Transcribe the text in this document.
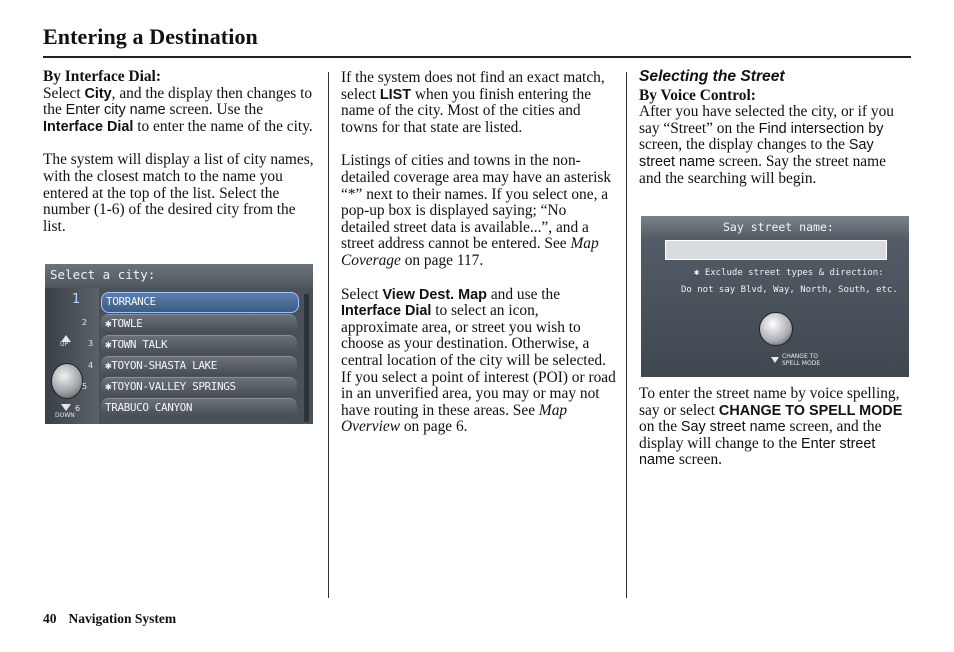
Entering a Destination

By Interface Dial:

Select City, and the display then changes to the Enter city name screen. Use the Interface Dial to enter the name of the city.

The system will display a list of city names, with the closest match to the name you entered at the top of the list. Select the number (1-6) of the desired city from the list.

Select a city:
UP
DOWN
1
2
3
4
5
6
TORRANCE
✱TOWLE
✱TOWN TALK
✱TOYON-SHASTA LAKE
✱TOYON-VALLEY SPRINGS
TRABUCO CANYON

If the system does not find an exact match, select LIST when you finish entering the name of the city. Most of the cities and towns for that state are listed.

Listings of cities and towns in the non-detailed coverage area may have an asterisk “*” next to their names. If you select one, a pop-up box is displayed saying; “No detailed street data is available...”, and a street address cannot be entered. See Map Coverage on page 117.

Select View Dest. Map and use the Interface Dial to select an icon, approximate area, or street you wish to choose as your destination. Otherwise, a central location of the city will be selected. If you select a point of interest (POI) or road in an unverified area, you may or may not have routing in these areas. See Map Overview on page 6.

Selecting the Street

By Voice Control:

After you have selected the city, or if you say “Street” on the Find intersection by screen, the display changes to the Say street name screen. Say the street name and the searching will begin.

Say street name:
✱ Exclude street types & direction:
Do not say Blvd, Way, North, South, etc.
CHANGE TO
SPELL MODE

To enter the street name by voice spelling, say or select CHANGE TO SPELL MODE on the Say street name screen, and the display will change to the Enter street name screen.

40 Navigation System
